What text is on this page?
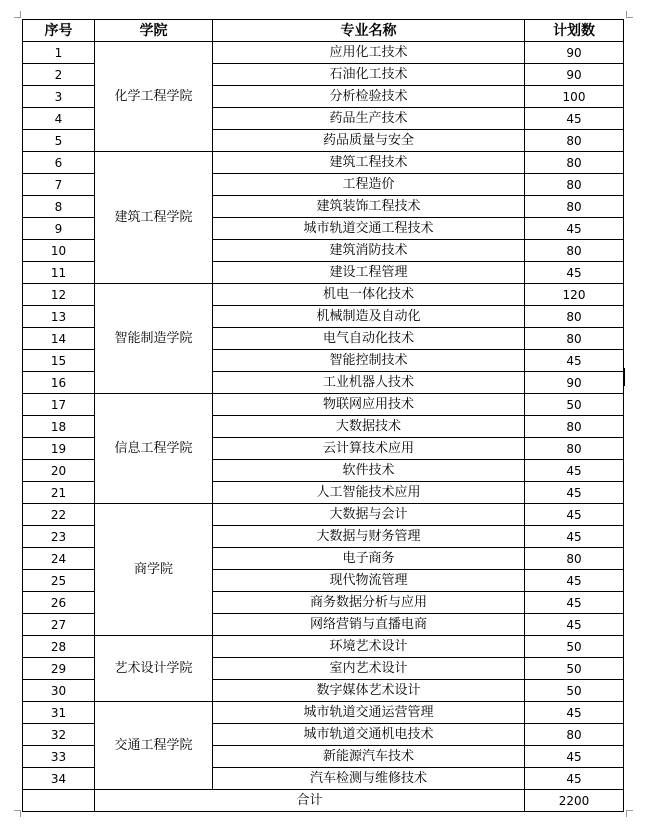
序号	学院	专业名称	计划数
1	化学工程学院	应用化工技术	90
2		石油化工技术	90
3		分析检验技术	100
4		药品生产技术	45
5		药品质量与安全	80
6	建筑工程学院	建筑工程技术	80
7		工程造价	80
8		建筑装饰工程技术	80
9		城市轨道交通工程技术	45
10		建筑消防技术	80
11		建设工程管理	45
12	智能制造学院	机电一体化技术	120
13		机械制造及自动化	80
14		电气自动化技术	80
15		智能控制技术	45
16		工业机器人技术	90
17	信息工程学院	物联网应用技术	50
18		大数据技术	80
19		云计算技术应用	80
20		软件技术	45
21		人工智能技术应用	45
22	商学院	大数据与会计	45
23		大数据与财务管理	45
24		电子商务	80
25		现代物流管理	45
26		商务数据分析与应用	45
27		网络营销与直播电商	45
28	艺术设计学院	环境艺术设计	50
29		室内艺术设计	50
30		数字媒体艺术设计	50
31	交通工程学院	城市轨道交通运营管理	45
32		城市轨道交通机电技术	80
33		新能源汽车技术	45
34		汽车检测与维修技术	45
	合计		2200
